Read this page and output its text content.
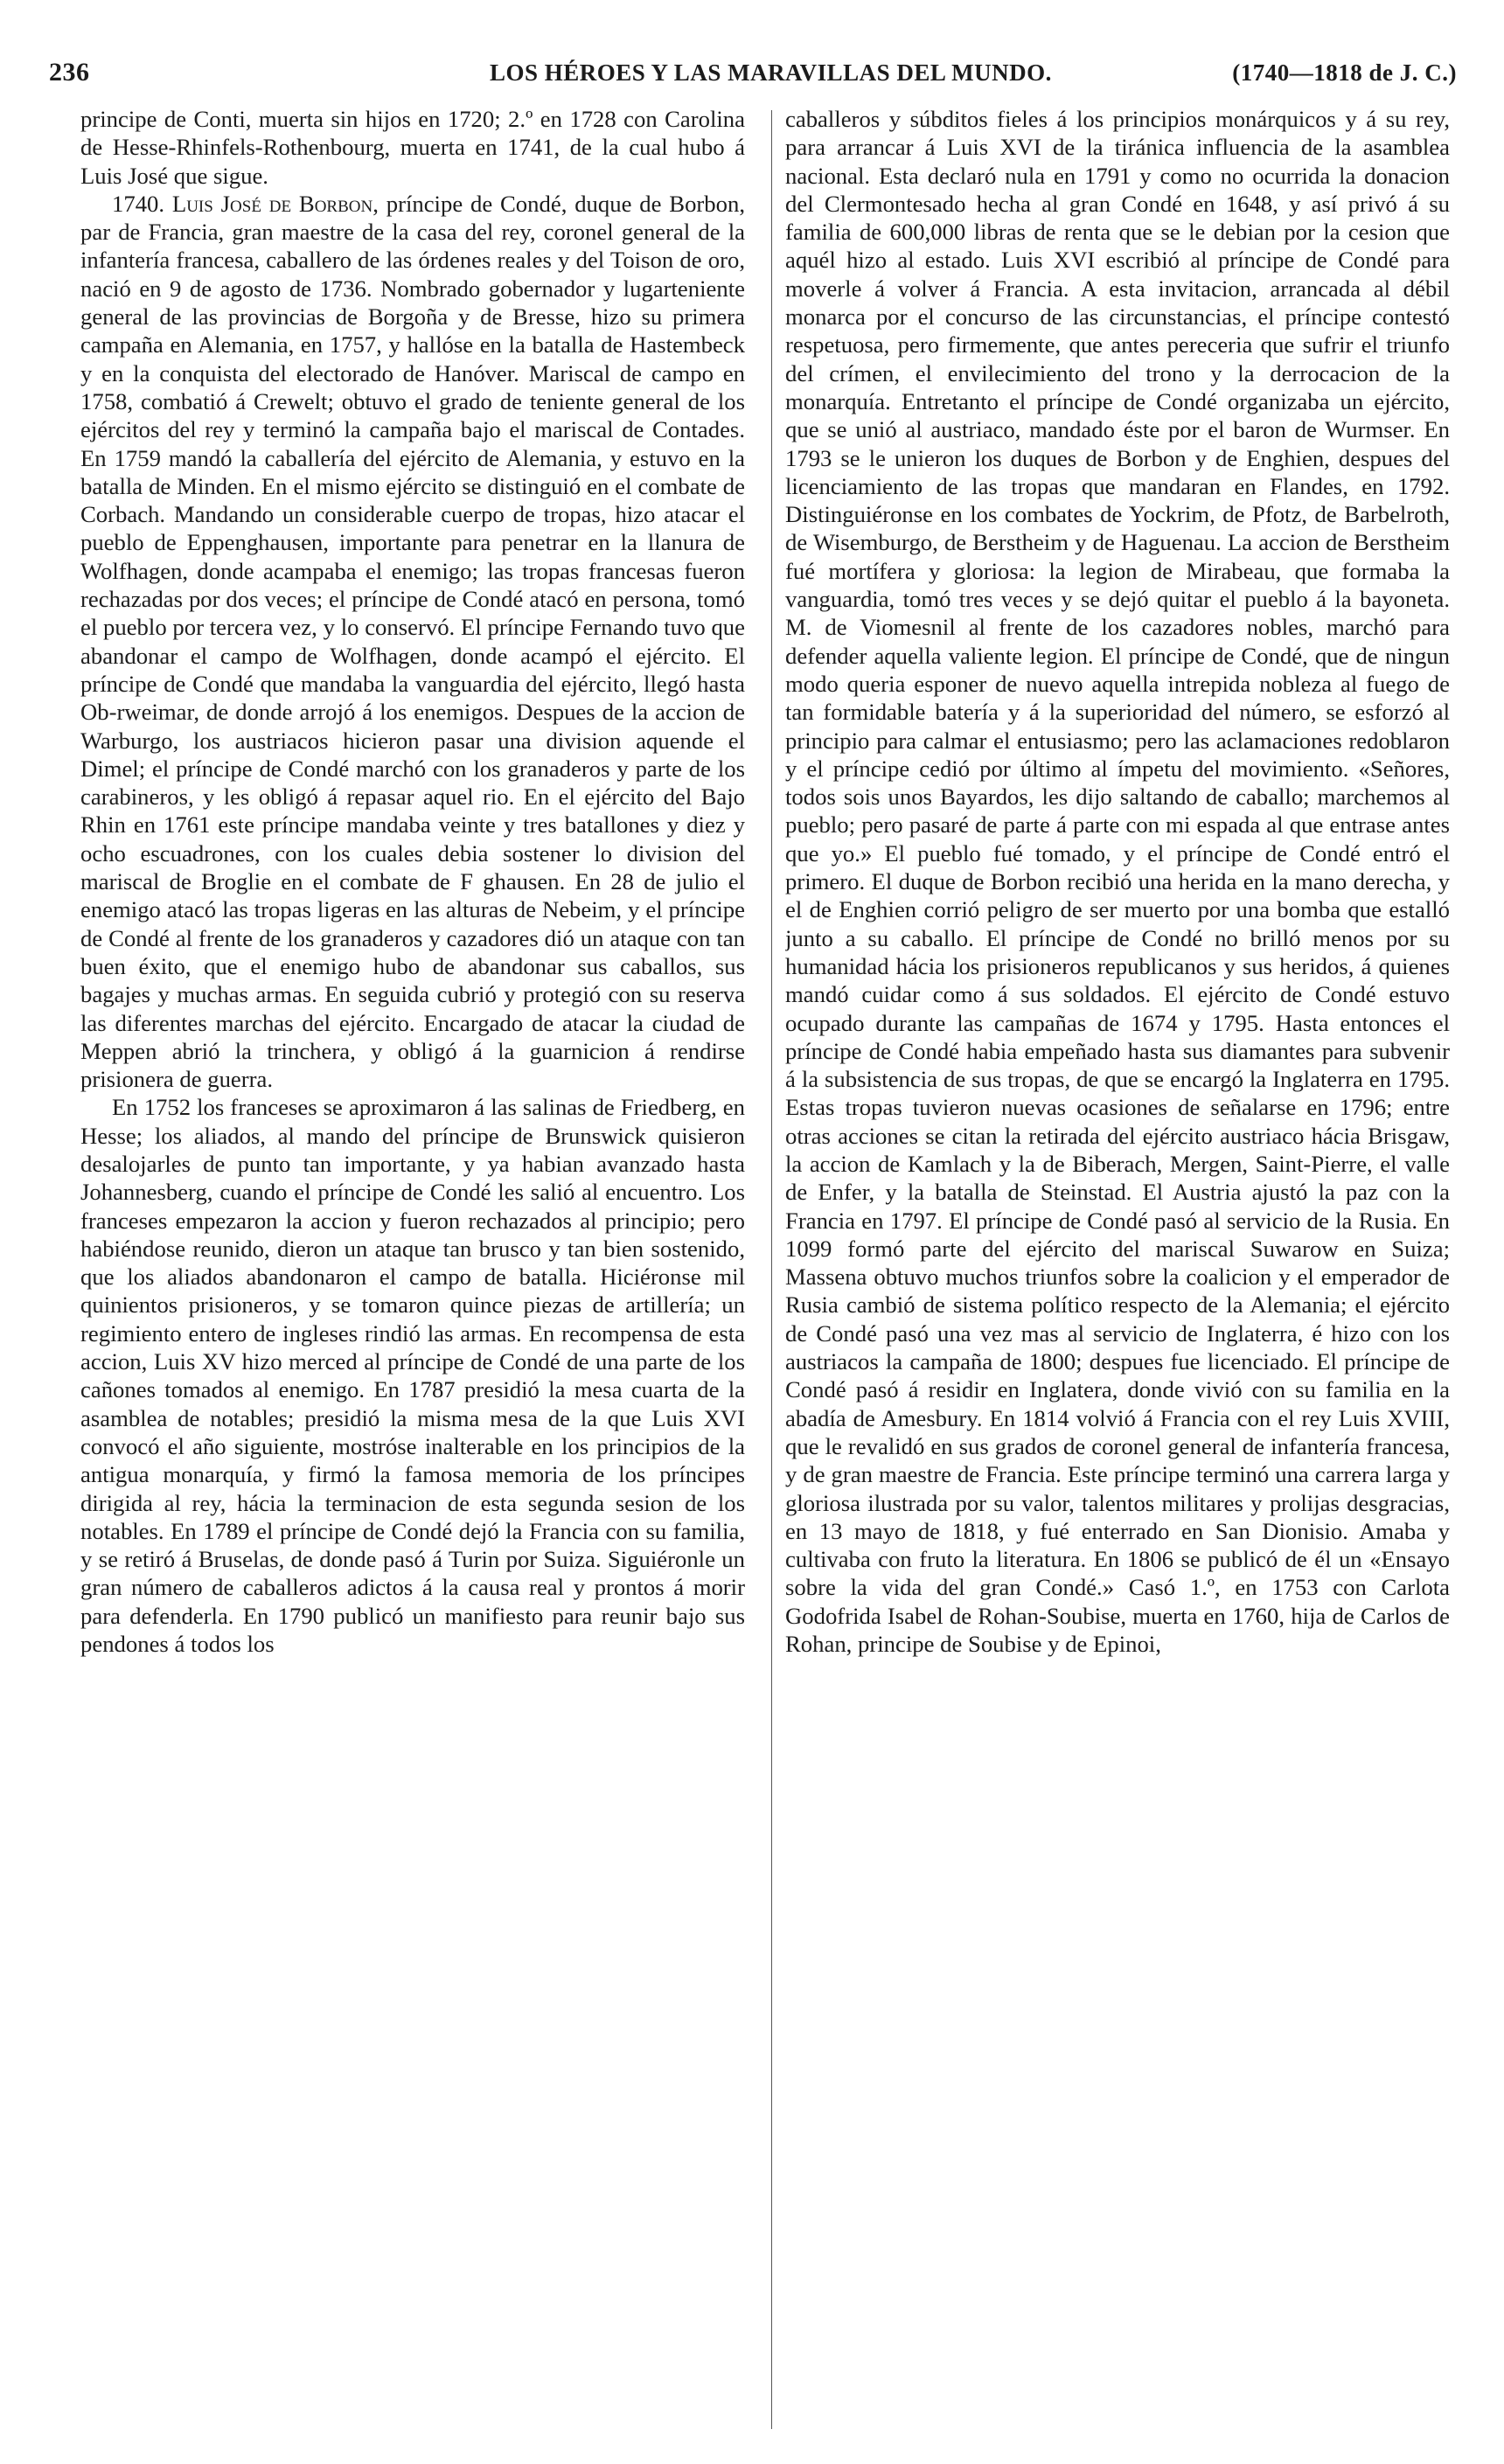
236	LOS HÉROES Y LAS MARAVILLAS DEL MUNDO.	(1740—1818 de J. C.)

principe de Conti, muerta sin hijos en 1720; 2.º en 1728 con Carolina de Hesse-Rhinfels-Rothenbourg, muerta en 1741, de la cual hubo á Luis José que sigue.

1740. Luis José de Borbon, príncipe de Condé, duque de Borbon, par de Francia, gran maestre de la casa del rey, coronel general de la infantería francesa, caballero de las órdenes reales y del Toison de oro, nació en 9 de agosto de 1736. Nombrado gobernador y lugarteniente general de las provincias de Borgoña y de Bresse, hizo su primera campaña en Alemania, en 1757, y hallóse en la batalla de Hastembeck y en la conquista del electorado de Hanóver. Mariscal de campo en 1758, combatió á Crewelt; obtuvo el grado de teniente general de los ejércitos del rey y terminó la campaña bajo el mariscal de Contades. En 1759 mandó la caballería del ejército de Alemania, y estuvo en la batalla de Minden. En el mismo ejército se distinguió en el combate de Corbach. Mandando un considerable cuerpo de tropas, hizo atacar el pueblo de Eppenghausen, importante para penetrar en la llanura de Wolfhagen, donde acampaba el enemigo; las tropas francesas fueron rechazadas por dos veces; el príncipe de Condé atacó en persona, tomó el pueblo por tercera vez, y lo conservó. El príncipe Fernando tuvo que abandonar el campo de Wolfhagen, donde acampó el ejército. El príncipe de Condé que mandaba la vanguardia del ejército, llegó hasta Ob-rweimar, de donde arrojó á los enemigos. Despues de la accion de Warburgo, los austriacos hicieron pasar una division aquende el Dimel; el príncipe de Condé marchó con los granaderos y parte de los carabineros, y les obligó á repasar aquel rio. En el ejército del Bajo Rhin en 1761 este príncipe mandaba veinte y tres batallones y diez y ocho escuadrones, con los cuales debia sostener lo division del mariscal de Broglie en el combate de F ghausen. En 28 de julio el enemigo atacó las tropas ligeras en las alturas de Nebeim, y el príncipe de Condé al frente de los granaderos y cazadores dió un ataque con tan buen éxito, que el enemigo hubo de abandonar sus caballos, sus bagajes y muchas armas. En seguida cubrió y protegió con su reserva las diferentes marchas del ejército. Encargado de atacar la ciudad de Meppen abrió la trinchera, y obligó á la guarnicion á rendirse prisionera de guerra.

En 1752 los franceses se aproximaron á las salinas de Friedberg, en Hesse; los aliados, al mando del príncipe de Brunswick quisieron desalojarles de punto tan importante, y ya habian avanzado hasta Johannesberg, cuando el príncipe de Condé les salió al encuentro. Los franceses empezaron la accion y fueron rechazados al principio; pero habiéndose reunido, dieron un ataque tan brusco y tan bien sostenido, que los aliados abandonaron el campo de batalla. Hiciéronse mil quinientos prisioneros, y se tomaron quince piezas de artillería; un regimiento entero de ingleses rindió las armas. En recompensa de esta accion, Luis XV hizo merced al príncipe de Condé de una parte de los cañones tomados al enemigo. En 1787 presidió la mesa cuarta de la asamblea de notables; presidió la misma mesa de la que Luis XVI convocó el año siguiente, mostróse inalterable en los principios de la antigua monarquía, y firmó la famosa memoria de los príncipes dirigida al rey, hácia la terminacion de esta segunda sesion de los notables. En 1789 el príncipe de Condé dejó la Francia con su familia, y se retiró á Bruselas, de donde pasó á Turin por Suiza. Siguiéronle un gran número de caballeros adictos á la causa real y prontos á morir para defenderla. En 1790 publicó un manifiesto para reunir bajo sus pendones á todos los

caballeros y súbditos fieles á los principios monárquicos y á su rey, para arrancar á Luis XVI de la tiránica influencia de la asamblea nacional. Esta declaró nula en 1791 y como no ocurrida la donacion del Clermontesado hecha al gran Condé en 1648, y así privó á su familia de 600,000 libras de renta que se le debian por la cesion que aquél hizo al estado. Luis XVI escribió al príncipe de Condé para moverle á volver á Francia. A esta invitacion, arrancada al débil monarca por el concurso de las circunstancias, el príncipe contestó respetuosa, pero firmemente, que antes pereceria que sufrir el triunfo del crímen, el envilecimiento del trono y la derrocacion de la monarquía. Entretanto el príncipe de Condé organizaba un ejército, que se unió al austriaco, mandado éste por el baron de Wurmser. En 1793 se le unieron los duques de Borbon y de Enghien, despues del licenciamiento de las tropas que mandaran en Flandes, en 1792. Distinguiéronse en los combates de Yockrim, de Pfotz, de Barbelroth, de Wisemburgo, de Berstheim y de Haguenau. La accion de Berstheim fué mortífera y gloriosa: la legion de Mirabeau, que formaba la vanguardia, tomó tres veces y se dejó quitar el pueblo á la bayoneta. M. de Viomesnil al frente de los cazadores nobles, marchó para defender aquella valiente legion. El príncipe de Condé, que de ningun modo queria esponer de nuevo aquella intrepida nobleza al fuego de tan formidable batería y á la superioridad del número, se esforzó al principio para calmar el entusiasmo; pero las aclamaciones redoblaron y el príncipe cedió por último al ímpetu del movimiento. «Señores, todos sois unos Bayardos, les dijo saltando de caballo; marchemos al pueblo; pero pasaré de parte á parte con mi espada al que entrase antes que yo.» El pueblo fué tomado, y el príncipe de Condé entró el primero. El duque de Borbon recibió una herida en la mano derecha, y el de Enghien corrió peligro de ser muerto por una bomba que estalló junto a su caballo. El príncipe de Condé no brilló menos por su humanidad hácia los prisioneros republicanos y sus heridos, á quienes mandó cuidar como á sus soldados. El ejército de Condé estuvo ocupado durante las campañas de 1674 y 1795. Hasta entonces el príncipe de Condé habia empeñado hasta sus diamantes para subvenir á la subsistencia de sus tropas, de que se encargó la Inglaterra en 1795. Estas tropas tuvieron nuevas ocasiones de señalarse en 1796; entre otras acciones se citan la retirada del ejército austriaco hácia Brisgaw, la accion de Kamlach y la de Biberach, Mergen, Saint-Pierre, el valle de Enfer, y la batalla de Steinstad. El Austria ajustó la paz con la Francia en 1797. El príncipe de Condé pasó al servicio de la Rusia. En 1099 formó parte del ejército del mariscal Suwarow en Suiza; Massena obtuvo muchos triunfos sobre la coalicion y el emperador de Rusia cambió de sistema político respecto de la Alemania; el ejército de Condé pasó una vez mas al servicio de Inglaterra, é hizo con los austriacos la campaña de 1800; despues fue licenciado. El príncipe de Condé pasó á residir en Inglatera, donde vivió con su familia en la abadía de Amesbury. En 1814 volvió á Francia con el rey Luis XVIII, que le revalidó en sus grados de coronel general de infantería francesa, y de gran maestre de Francia. Este príncipe terminó una carrera larga y gloriosa ilustrada por su valor, talentos militares y prolijas desgracias, en 13 mayo de 1818, y fué enterrado en San Dionisio. Amaba y cultivaba con fruto la literatura. En 1806 se publicó de él un «Ensayo sobre la vida del gran Condé.» Casó 1.º, en 1753 con Carlota Godofrida Isabel de Rohan-Soubise, muerta en 1760, hija de Carlos de Rohan, principe de Soubise y de Epinoi,
